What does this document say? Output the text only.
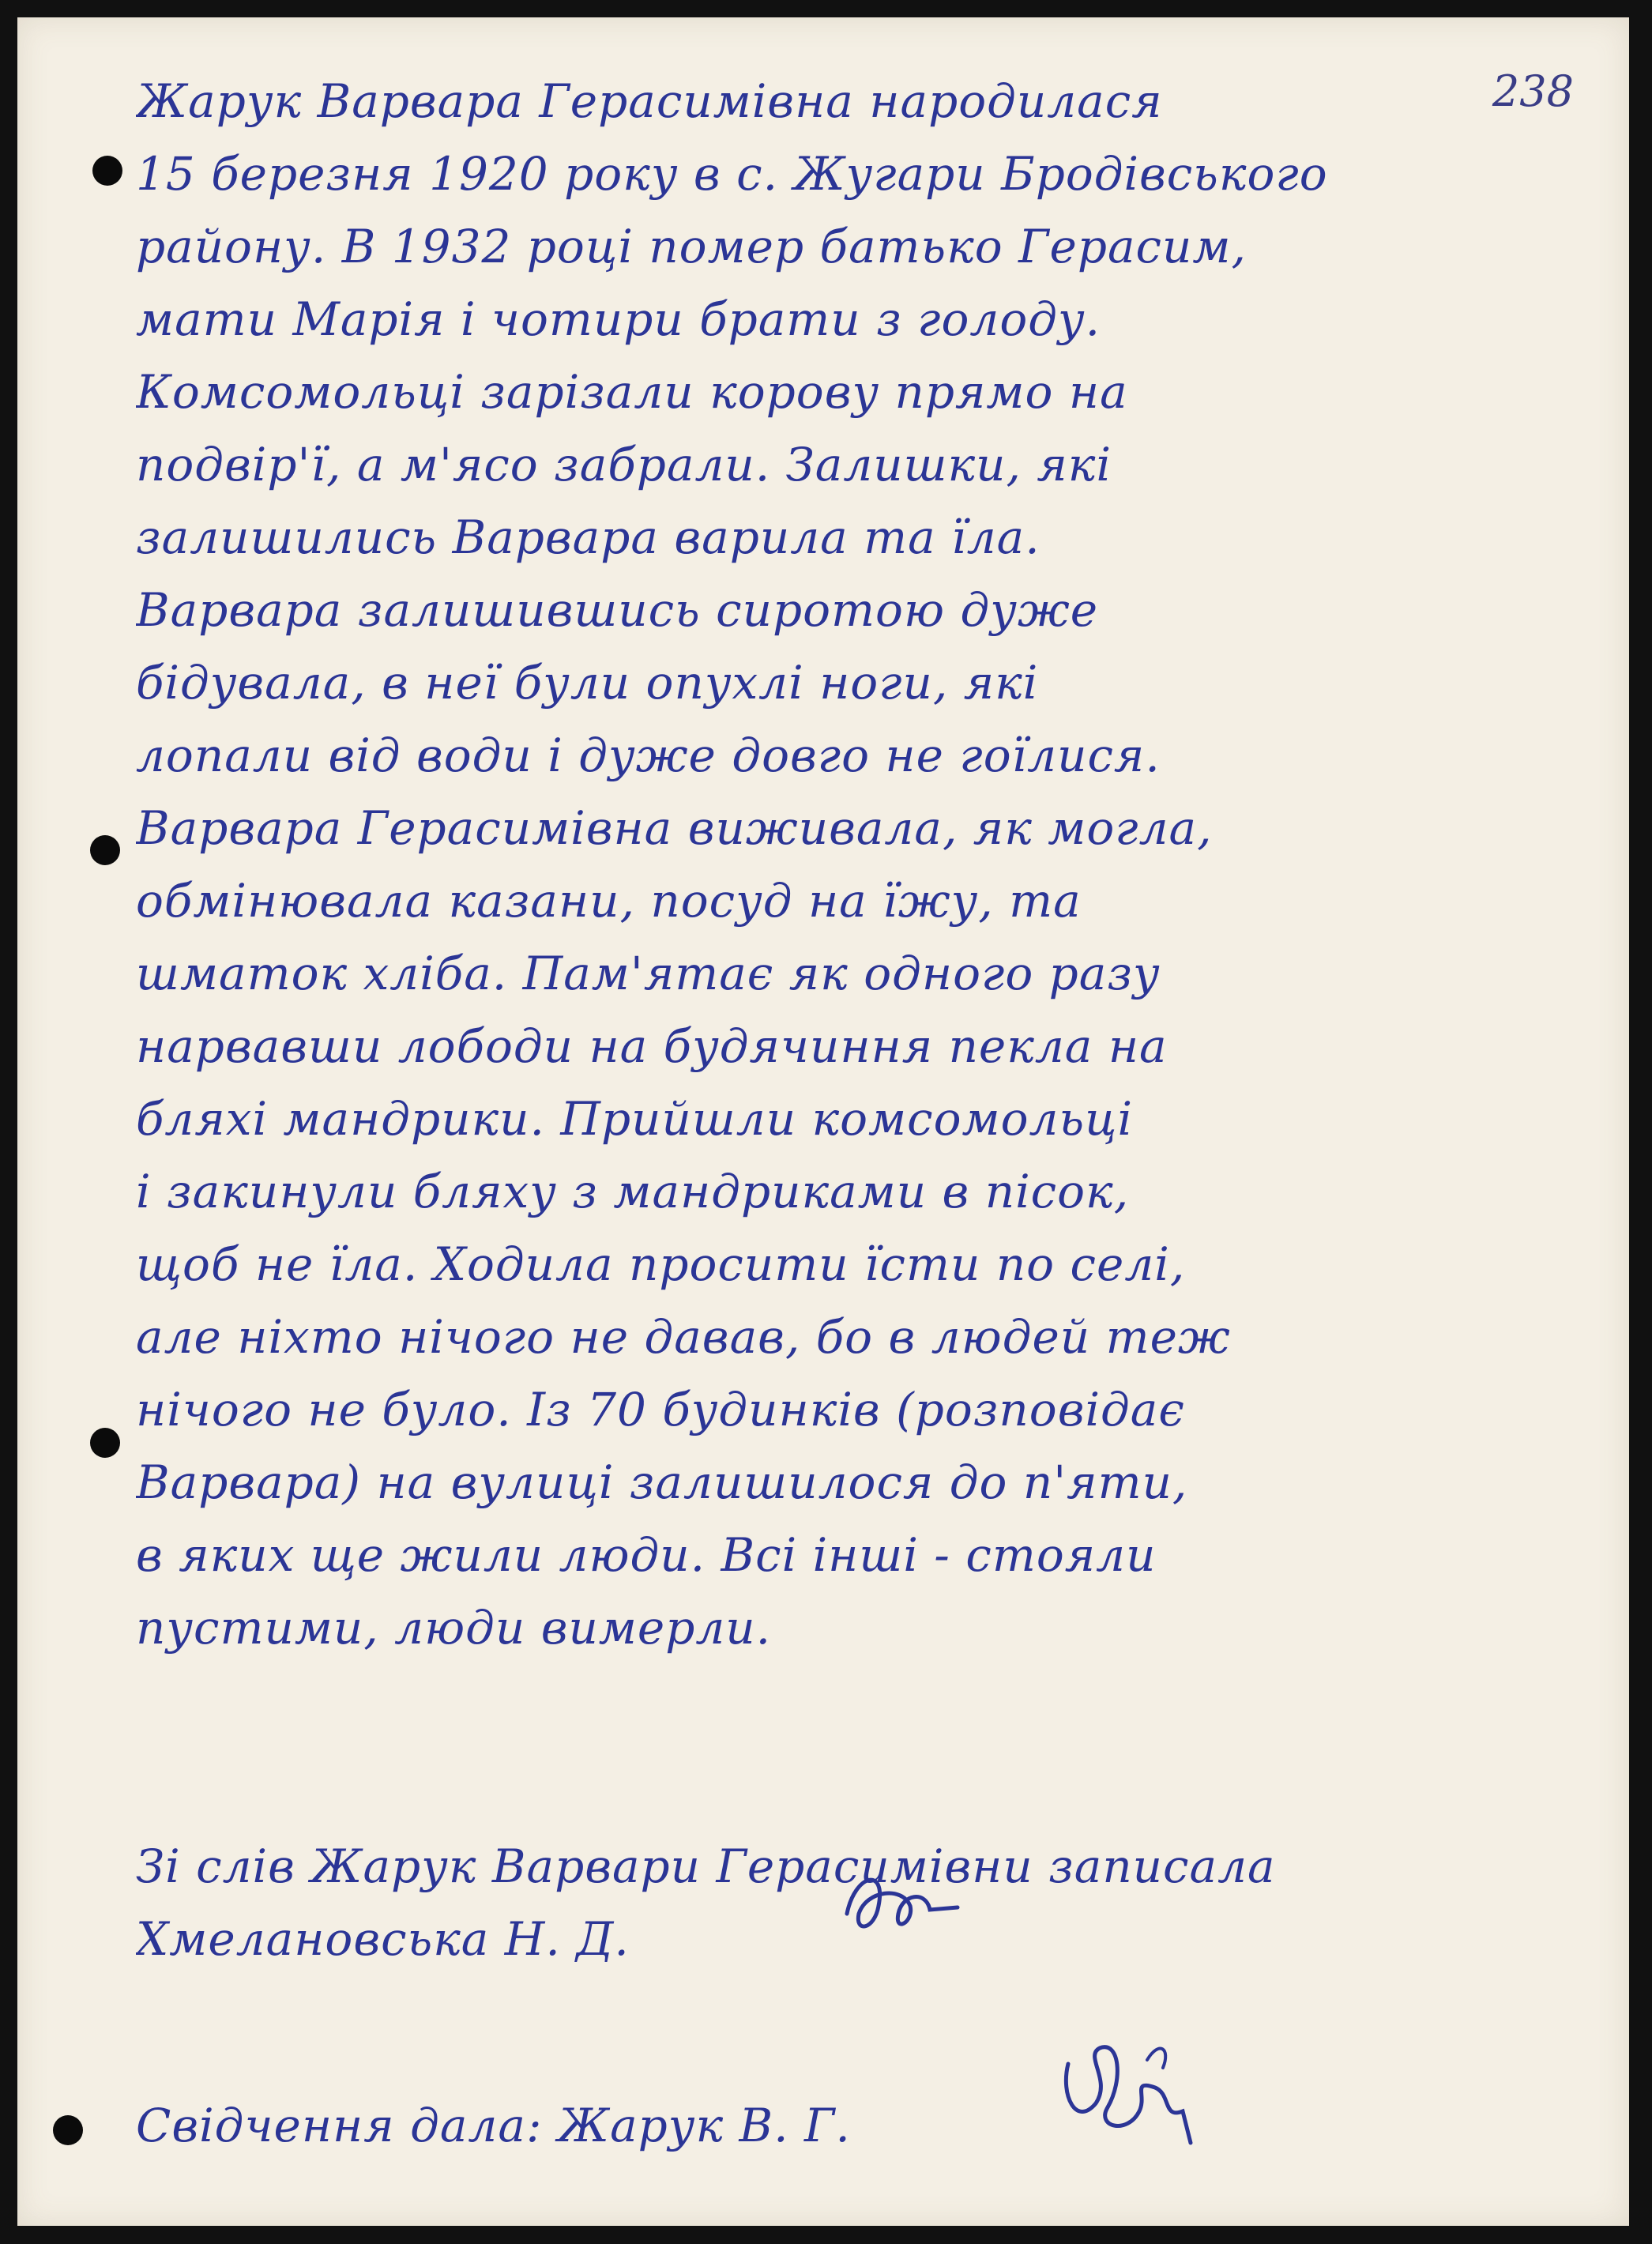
238
Жарук Варвара Герасимівна народилася
15 березня 1920 року в с. Жугари Бродівського
району. В 1932 році помер батько Герасим,
мати Марія і чотири брати з голоду.
Комсомольці зарізали корову прямо на
подвір'ї, а м'ясо забрали. Залишки, які
залишились Варвара варила та їла.
Варвара залишившись сиротою дуже
бідувала, в неї були опухлі ноги, які
лопали від води і дуже довго не гоїлися.
Варвара Герасимівна виживала, як могла,
обмінювала казани, посуд на їжу, та
шматок хліба. Пам'ятає як одного разу
нарвавши лободи на будячиння пекла на
бляхі мандрики. Прийшли комсомольці
і закинули бляху з мандриками в пісок,
щоб не їла. Ходила просити їсти по селі,
але ніхто нічого не давав, бо в людей теж
нічого не було. Із 70 будинків (розповідає
Варвара) на вулиці залишилося до п'яти,
в яких ще жили люди. Всі інші - стояли
пустими, люди вимерли.
Зі слів Жарук Варвари Герасимівни записала
Хмелановська Н. Д.
Свідчення дала: Жарук В. Г.
